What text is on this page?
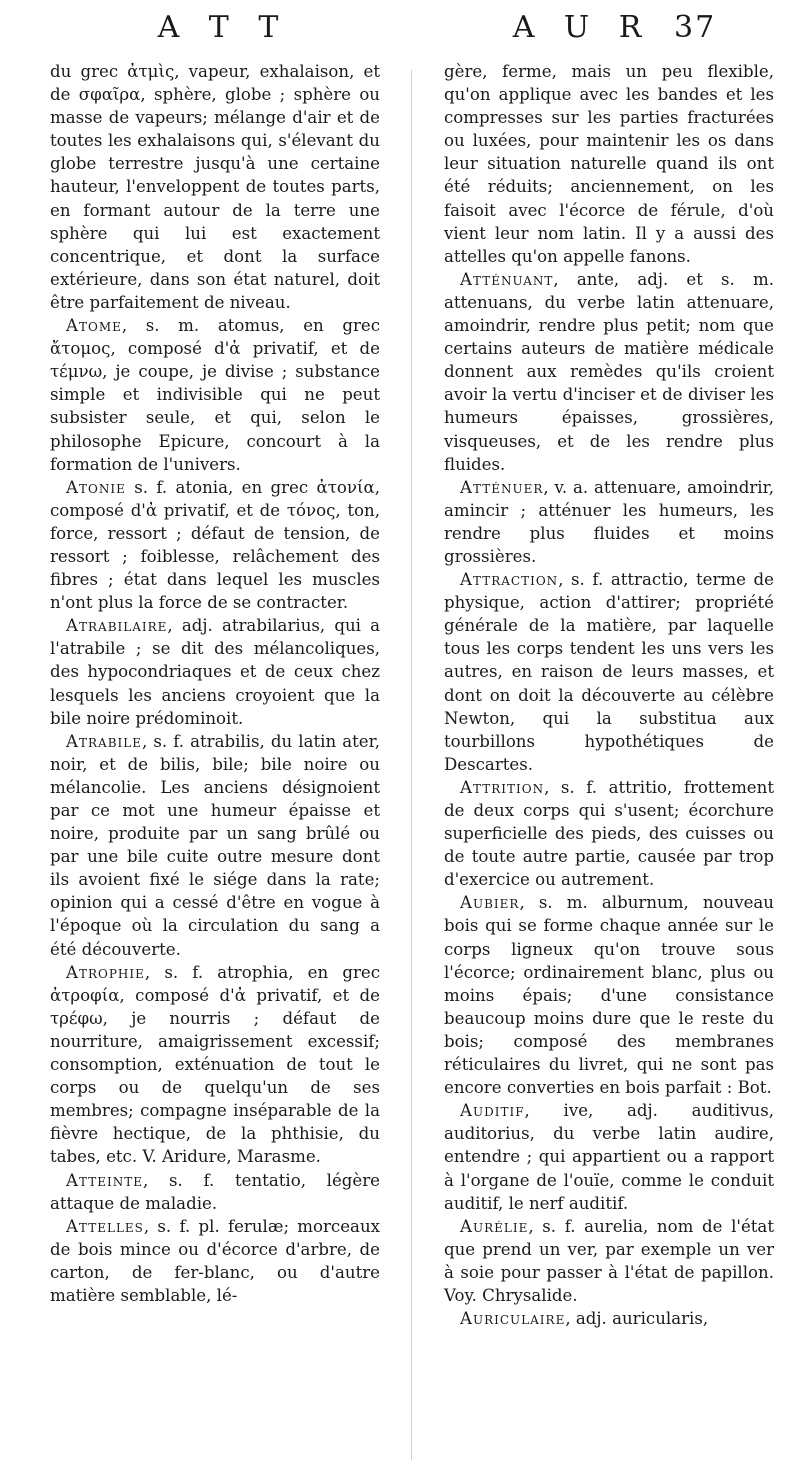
A T T	A U R 37

du grec ἀτμὶς, vapeur, exhalaison, et de σφαῖρα, sphère, globe ; sphère ou masse de vapeurs; mélange d'air et de toutes les exhalaisons qui, s'élevant du globe terrestre jusqu'à une certaine hauteur, l'enveloppent de toutes parts, en formant autour de la terre une sphère qui lui est exactement concentrique, et dont la surface extérieure, dans son état naturel, doit être parfaitement de niveau.

Atome, s. m. atomus, en grec ἄτομος, composé d'ἀ privatif, et de τέμνω, je coupe, je divise ; substance simple et indivisible qui ne peut subsister seule, et qui, selon le philosophe Epicure, concourt à la formation de l'univers.

Atonie s. f. atonia, en grec ἀτονία, composé d'ἀ privatif, et de τόνος, ton, force, ressort ; défaut de tension, de ressort ; foiblesse, relâchement des fibres ; état dans lequel les muscles n'ont plus la force de se contracter.

Atrabilaire, adj. atrabilarius, qui a l'atrabile ; se dit des mélancoliques, des hypocondriaques et de ceux chez lesquels les anciens croyoient que la bile noire prédominoit.

Atrabile, s. f. atrabilis, du latin ater, noir, et de bilis, bile; bile noire ou mélancolie. Les anciens désignoient par ce mot une humeur épaisse et noire, produite par un sang brûlé ou par une bile cuite outre mesure dont ils avoient fixé le siége dans la rate; opinion qui a cessé d'être en vogue à l'époque où la circulation du sang a été découverte.

Atrophie, s. f. atrophia, en grec ἀτροφία, composé d'ἀ privatif, et de τρέφω, je nourris ; défaut de nourriture, amaigrissement excessif; consomption, exténuation de tout le corps ou de quelqu'un de ses membres; compagne inséparable de la fièvre hectique, de la phthisie, du tabes, etc. V. Aridure, Marasme.

Atteinte, s. f. tentatio, légère attaque de maladie.

Attelles, s. f. pl. ferulæ; morceaux de bois mince ou d'écorce d'arbre, de carton, de fer-blanc, ou d'autre matière semblable, lé-

gère, ferme, mais un peu flexible, qu'on applique avec les bandes et les compresses sur les parties fracturées ou luxées, pour maintenir les os dans leur situation naturelle quand ils ont été réduits; anciennement, on les faisoit avec l'écorce de férule, d'où vient leur nom latin. Il y a aussi des attelles qu'on appelle fanons.

Atténuant, ante, adj. et s. m. attenuans, du verbe latin attenuare, amoindrir, rendre plus petit; nom que certains auteurs de matière médicale donnent aux remèdes qu'ils croient avoir la vertu d'inciser et de diviser les humeurs épaisses, grossières, visqueuses, et de les rendre plus fluides.

Atténuer, v. a. attenuare, amoindrir, amincir ; atténuer les humeurs, les rendre plus fluides et moins grossières.

Attraction, s. f. attractio, terme de physique, action d'attirer; propriété générale de la matière, par laquelle tous les corps tendent les uns vers les autres, en raison de leurs masses, et dont on doit la découverte au célèbre Newton, qui la substitua aux tourbillons hypothétiques de Descartes.

Attrition, s. f. attritio, frottement de deux corps qui s'usent; écorchure superficielle des pieds, des cuisses ou de toute autre partie, causée par trop d'exercice ou autrement.

Aubier, s. m. alburnum, nouveau bois qui se forme chaque année sur le corps ligneux qu'on trouve sous l'écorce; ordinairement blanc, plus ou moins épais; d'une consistance beaucoup moins dure que le reste du bois; composé des membranes réticulaires du livret, qui ne sont pas encore converties en bois parfait : Bot.

Auditif, ive, adj. auditivus, auditorius, du verbe latin audire, entendre ; qui appartient ou a rapport à l'organe de l'ouïe, comme le conduit auditif, le nerf auditif.

Aurélie, s. f. aurelia, nom de l'état que prend un ver, par exemple un ver à soie pour passer à l'état de papillon. Voy. Chrysalide.

Auriculaire, adj. auricularis,
